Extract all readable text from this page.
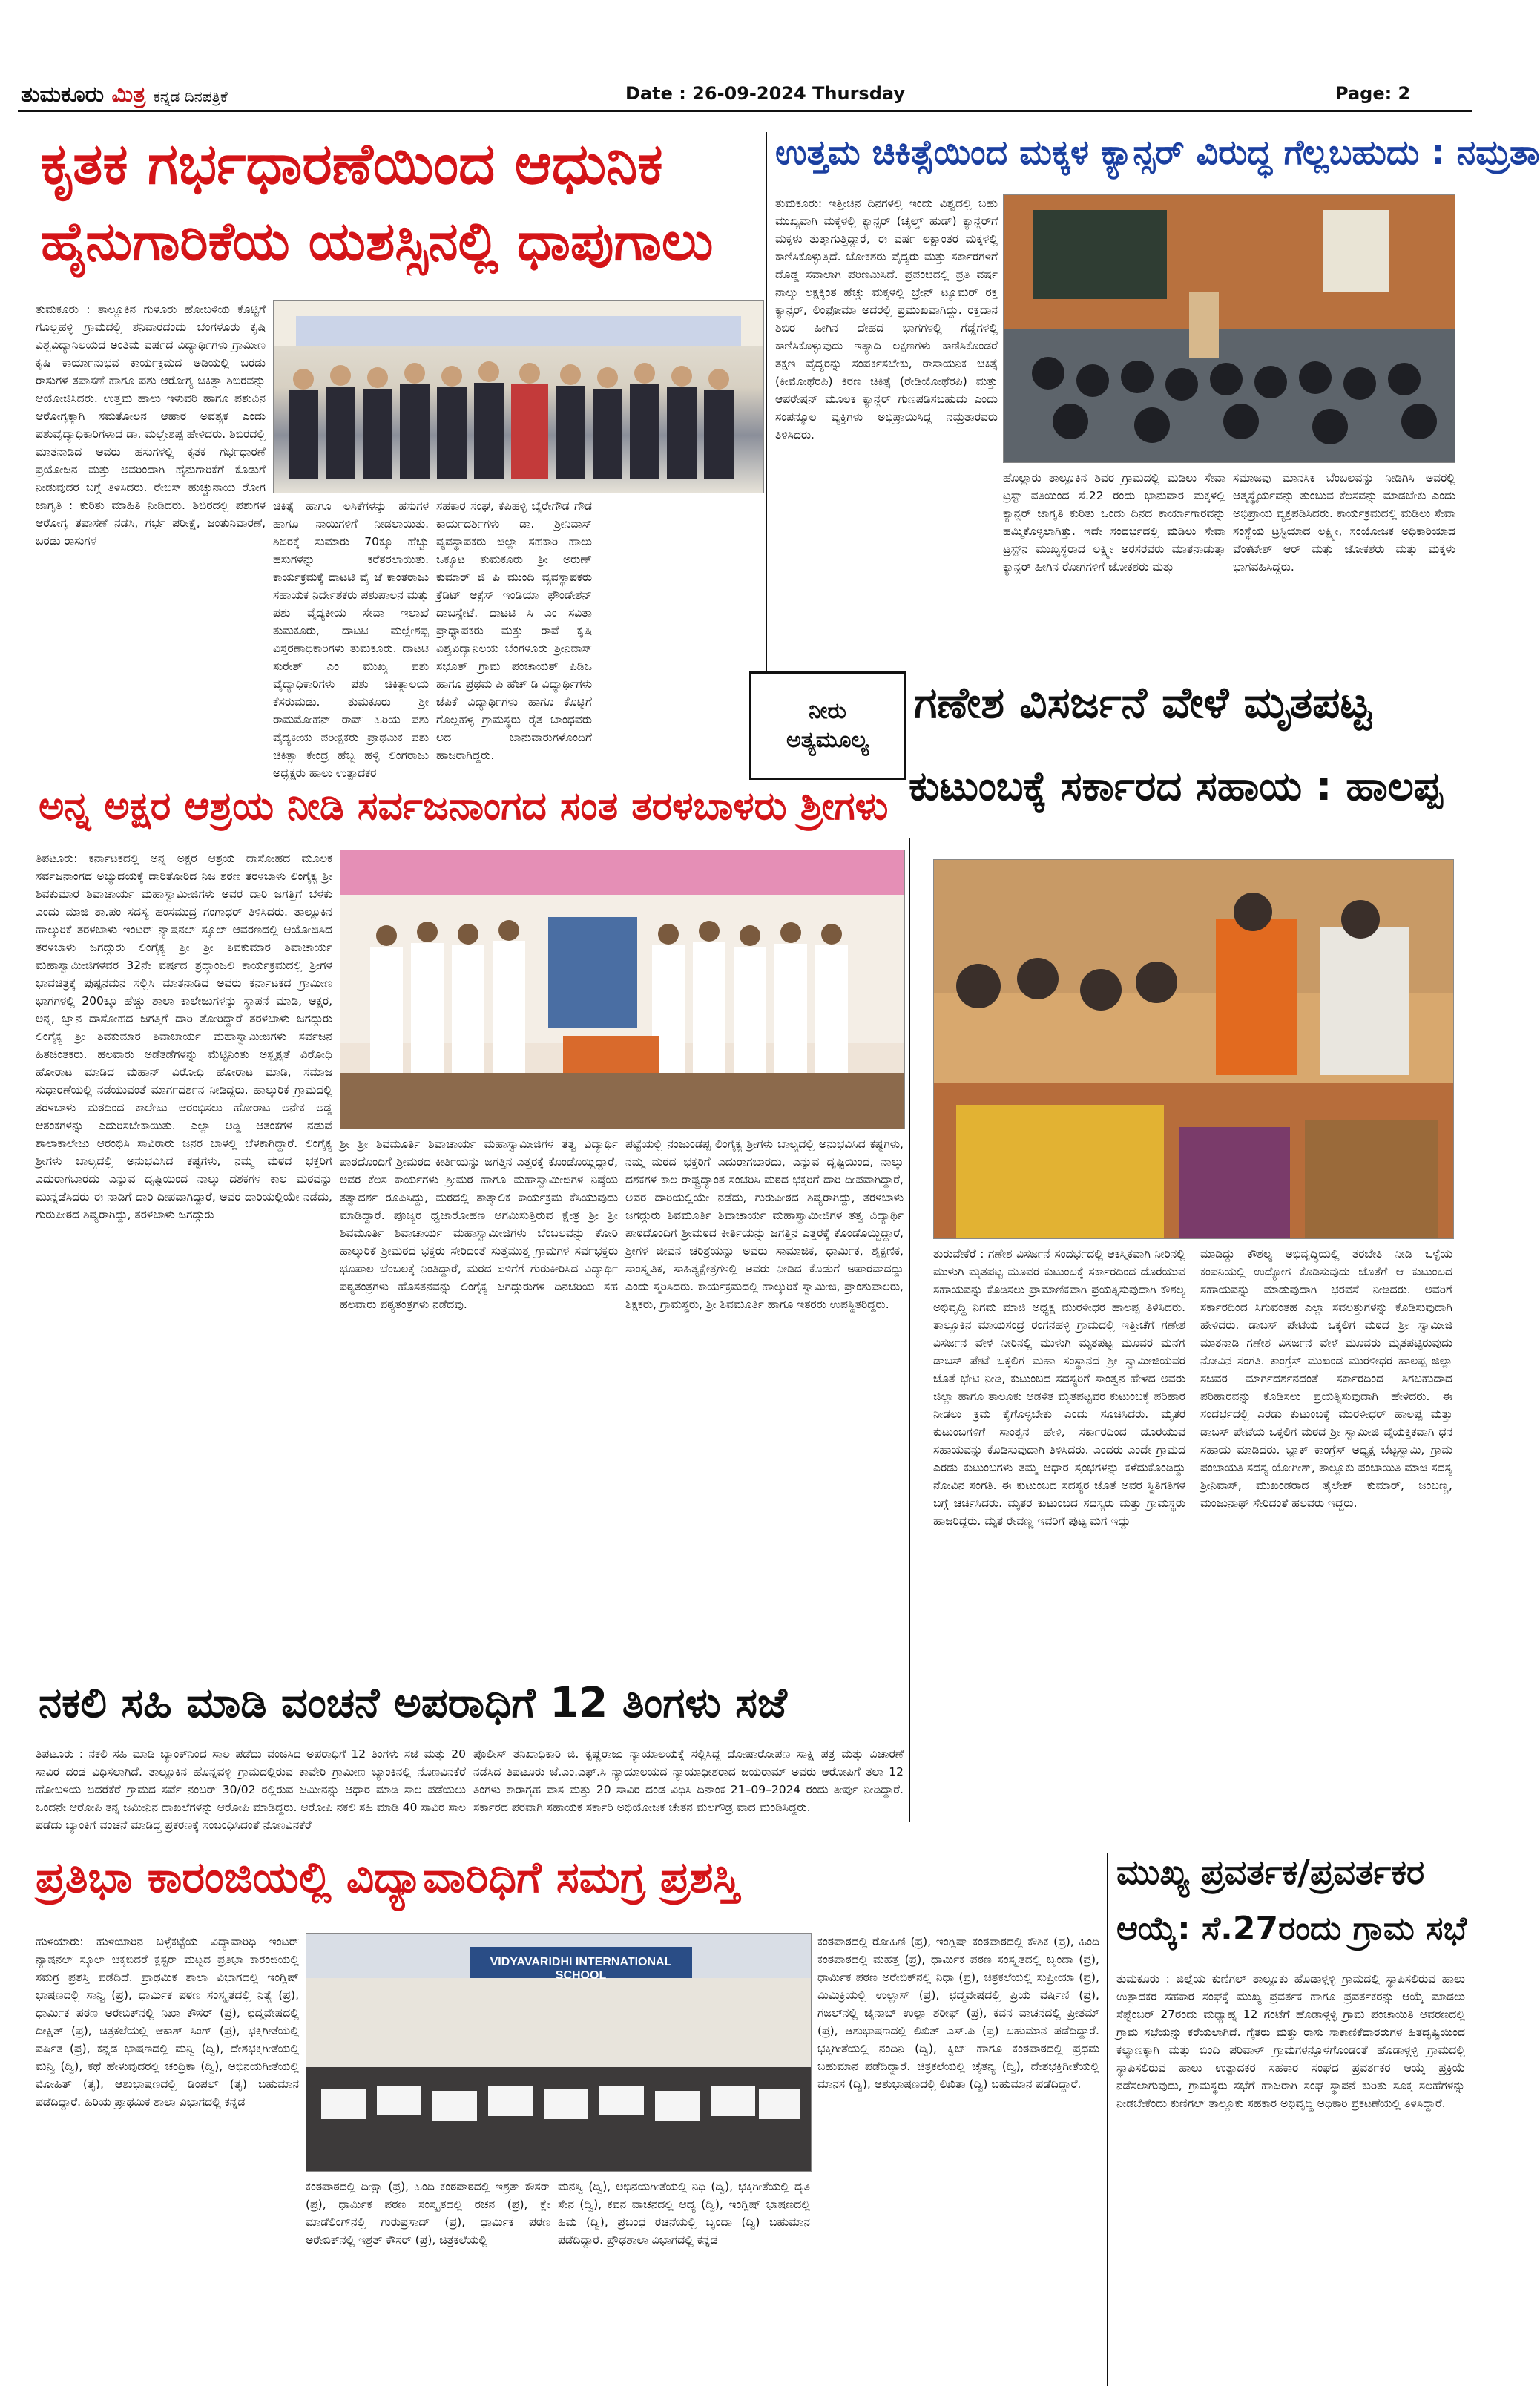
ತುಮಕೂರು ಮಿತ್ರ ಕನ್ನಡ ದಿನಪತ್ರಿಕೆ	Date : 26-09-2024 Thursday	Page: 2
ಕೃತಕ ಗರ್ಭಧಾರಣೆಯಿಂದ ಆಧುನಿಕ
ಹೈನುಗಾರಿಕೆಯ ಯಶಸ್ಸಿನಲ್ಲಿ ಧಾಪುಗಾಲು
ತುಮಕೂರು : ತಾಲ್ಲೂಕಿನ ಗುಳೂರು ಹೋಬಳಿಯ ಕೊಟ್ಟಿಗೆ ಗೊಲ್ಲಹಳ್ಳಿ ಗ್ರಾಮದಲ್ಲಿ ಶನಿವಾರದಂದು ಬೆಂಗಳೂರು ಕೃಷಿ ವಿಶ್ವವಿದ್ಯಾನಿಲಯದ ಅಂತಿಮ ವರ್ಷದ ವಿದ್ಯಾರ್ಥಿಗಳು ಗ್ರಾಮೀಣ ಕೃಷಿ ಕಾರ್ಯಾನುಭವ ಕಾರ್ಯಕ್ರಮದ ಅಡಿಯಲ್ಲಿ ಬರಡು ರಾಸುಗಳ ತಪಾಸಣೆ ಹಾಗೂ ಪಶು ಆರೋಗ್ಯ ಚಿಕಿತ್ಸಾ ಶಿಬಿರವನ್ನು ಆಯೋಜಿಸಿದರು. ಉತ್ತಮ ಹಾಲು ಇಳುವರಿ ಹಾಗೂ ಪಶುವಿನ ಆರೋಗ್ಯಕ್ಕಾಗಿ ಸಮತೋಲನ ಆಹಾರ ಅವಶ್ಯಕ ಎಂದು ಪಶುವೈದ್ಯಾಧಿಕಾರಿಗಳಾದ ಡಾ. ಮಲ್ಲೇಶಪ್ಪ ಹೇಳಿದರು. ಶಿಬಿರದಲ್ಲಿ ಮಾತನಾಡಿದ ಅವರು ಹಸುಗಳಲ್ಲಿ ಕೃತಕ ಗರ್ಭಧಾರಣೆ ಪ್ರಯೋಜನ ಮತ್ತು ಅವರಿಂದಾಗಿ ಹೈನುಗಾರಿಕೆಗೆ ಕೊಡುಗೆ ನೀಡುವುದರ ಬಗ್ಗೆ ತಿಳಿಸಿದರು. ರೇಬಿಸ್ ಹುಚ್ಚುನಾಯಿ ರೋಗ ಜಾಗೃತಿ : ಕುರಿತು ಮಾಹಿತಿ ನೀಡಿದರು. ಶಿಬಿರದಲ್ಲಿ ಪಶುಗಳ ಆರೋಗ್ಯ ತಪಾಸಣೆ ನಡೆಸಿ, ಗರ್ಭ ಪರೀಕ್ಷೆ, ಜಂತುನಿವಾರಣೆ, ಬರಡು ರಾಸುಗಳ
ಚಿಕಿತ್ಸೆ ಹಾಗೂ ಲಸಿಕೆಗಳನ್ನು ಹಸುಗಳ ಹಾಗೂ ನಾಯಿಗಳಿಗೆ ನೀಡಲಾಯಿತು. ಶಿಬಿರಕ್ಕೆ ಸುಮಾರು 70ಕ್ಕೂ ಹೆಚ್ಚು ಹಸುಗಳನ್ನು ಕರೆತರಲಾಯಿತು. ಕಾರ್ಯಕ್ರಮಕ್ಕೆ ದಾಟಟಿ ವೈ ಜೆ ಕಾಂತರಾಜು ಸಹಾಯಕ ನಿರ್ದೇಶಕರು ಪಶುಪಾಲನ ಮತ್ತು ಪಶು ವೈದ್ಯಕೀಯ ಸೇವಾ ಇಲಾಖೆ ತುಮಕೂರು, ದಾಟಟಿ ಮಲ್ಲೇಶಪ್ಪ ವಿಸ್ತರಣಾಧಿಕಾರಿಗಳು ತುಮಕೂರು. ದಾಟಟಿ ಸುರೇಶ್ ಎಂ ಮುಖ್ಯ ಪಶು ವೈದ್ಯಾಧಿಕಾರಿಗಳು ಪಶು ಚಿಕಿತ್ಸಾಲಯ ಕೆಸರುಮಡು. ತುಮಕೂರು ಶ್ರೀ ರಾಮಮೋಹನ್ ರಾವ್ ಹಿರಿಯ ಪಶು ವೈದ್ಯಕೀಯ ಪರೀಕ್ಷಕರು ಪ್ರಾಥಮಿಕ ಪಶು ಚಿಕಿತ್ಸಾ ಕೇಂದ್ರ ಹೆಬ್ಬ ಹಳ್ಳಿ ಲಿಂಗರಾಜು ಅಧ್ಯಕ್ಷರು ಹಾಲು ಉತ್ಪಾದಕರ
ಸಹಕಾರ ಸಂಘ, ಕೆಪಿಹಳ್ಳಿ ಬೈರೇಗೌಡ ಗೌಡ ಕಾರ್ಯದರ್ಶಿಗಳು ಡಾ. ಶ್ರೀನಿವಾಸ್ ವ್ಯವಸ್ಥಾಪಕರು ಜಿಲ್ಲಾ ಸಹಕಾರಿ ಹಾಲು ಒಕ್ಕೂಟ ತುಮಕೂರು ಶ್ರೀ ಅರುಣ್ ಕುಮಾರ್ ಜಿ ಪಿ ಮುಂದಿ ವ್ಯವಸ್ಥಾಪಕರು ಕ್ರೆಡಿಟ್ ಆಕ್ಸೆಸ್ ಇಂಡಿಯಾ ಫೌಂಡೇಶನ್ ದಾಬಸ್ಪೇಟೆ. ದಾಟಟಿ ಸಿ ಎಂ ಸವಿತಾ ಪ್ರಾಧ್ಯಾಪಕರು ಮತ್ತು ರಾವೆ ಕೃಷಿ ವಿಶ್ವವಿದ್ಯಾನಿಲಯ ಬೆಂಗಳೂರು ಶ್ರೀನಿವಾಸ್ ಸಭೂತ್ ಗ್ರಾಮ ಪಂಚಾಯತ್ ಪಿಡಿಒ ಹಾಗೂ ಪ್ರಥಮ ಪಿ ಹೆಚ್ ಡಿ ವಿದ್ಯಾರ್ಥಿಗಳು ಜೆಪಿಕೆ ವಿದ್ಯಾರ್ಥಿಗಳು ಹಾಗೂ ಕೊಟ್ಟಿಗೆ ಗೊಲ್ಲಹಳ್ಳಿ ಗ್ರಾಮಸ್ಥರು ರೈತ ಬಾಂಧವರು ಅದ ಜಾನುವಾರುಗಳೊಂದಿಗೆ ಹಾಜರಾಗಿದ್ದರು.
ಉತ್ತಮ ಚಿಕಿತ್ಸೆಯಿಂದ ಮಕ್ಕಳ ಕ್ಯಾನ್ಸರ್ ವಿರುದ್ಧ ಗೆಲ್ಲಬಹುದು : ನಮ್ರತಾ
ತುಮಕೂರು: ಇತ್ತೀಚಿನ ದಿನಗಳಲ್ಲಿ ಇಂದು ವಿಶ್ವದಲ್ಲಿ ಬಹು ಮುಖ್ಯವಾಗಿ ಮಕ್ಕಳಲ್ಲಿ ಕ್ಯಾನ್ಸರ್ (ಚೈಲ್ಡ್ ಹುಡ್) ಕ್ಯಾನ್ಸರ್‌ಗೆ ಮಕ್ಕಳು ತುತ್ತಾಗುತ್ತಿದ್ದಾರೆ, ಈ ವರ್ಷ ಲಕ್ಷಾಂತರ ಮಕ್ಕಳಲ್ಲಿ ಕಾಣಿಸಿಕೊಳ್ಳುತ್ತಿದೆ. ಜೋಕಶರು ವೈದ್ಯರು ಮತ್ತು ಸರ್ಕಾರಗಳಿಗೆ ದೊಡ್ಡ ಸವಾಲಾಗಿ ಪರಿಣಮಿಸಿದೆ. ಪ್ರಪಂಚದಲ್ಲಿ ಪ್ರತಿ ವರ್ಷ ನಾಲ್ಕು ಲಕ್ಷಕ್ಕಿಂತ ಹೆಚ್ಚು ಮಕ್ಕಳಲ್ಲಿ ಬ್ರೇನ್ ಟ್ಯೂಮರ್ ರಕ್ತ ಕ್ಯಾನ್ಸರ್, ಲಿಂಫೋಮಾ ಅದರಲ್ಲಿ ಪ್ರಮುಖವಾಗಿದ್ದು. ರಕ್ತದಾನ ಶಿಬಿರ ಹೀಗಿನ ದೇಹದ ಭಾಗಗಳಲ್ಲಿ ಗೆಡ್ಡೆಗಳಲ್ಲಿ ಕಾಣಿಸಿಕೊಳ್ಳುವುದು ಇತ್ಯಾದಿ ಲಕ್ಷಣಗಳು ಕಾಣಿಸಿಕೊಂಡರೆ ತಕ್ಷಣ ವೈದ್ಯರನ್ನು ಸಂಪರ್ಕಿಸಬೇಕು, ರಾಸಾಯನಿಕ ಚಿಕಿತ್ಸೆ (ಕೀಮೋಥೆರಪಿ) ಕಿರಣ ಚಿಕಿತ್ಸೆ (ರೇಡಿಯೋಥೆರಪಿ) ಮತ್ತು ಆಪರೇಷನ್ ಮೂಲಕ ಕ್ಯಾನ್ಸರ್ ಗುಣಪಡಿಸಬಹುದು ಎಂದು ಸಂಪನ್ಮೂಲ ವ್ಯಕ್ತಿಗಳು ಅಭಿಪ್ರಾಯಿಸಿದ್ದ ನಮ್ರತಾರವರು ತಿಳಿಸಿದರು.
ಹೊಲ್ಲಾರು ತಾಲ್ಲೂಕಿನ ಶಿವರ ಗ್ರಾಮದಲ್ಲಿ ಮಡಿಲು ಸೇವಾ ಟ್ರಸ್ಟ್ ವತಿಯಿಂದ ಸೆ.22 ರಂದು ಭಾನುವಾರ ಮಕ್ಕಳಲ್ಲಿ ಕ್ಯಾನ್ಸರ್ ಜಾಗೃತಿ ಕುರಿತು ಒಂದು ದಿನದ ಕಾರ್ಯಾಗಾರವನ್ನು ಹಮ್ಮಿಕೊಳ್ಳಲಾಗಿತ್ತು. ಇದೇ ಸಂದರ್ಭದಲ್ಲಿ ಮಡಿಲು ಸೇವಾ ಟ್ರಸ್ಟ್‌ನ ಮುಖ್ಯಸ್ಥರಾದ ಲಕ್ಷ್ಮೀ ಅರಸರವರು ಮಾತನಾಡುತ್ತಾ ಕ್ಯಾನ್ಸರ್ ಹೀಗಿನ ರೋಗಗಳಿಗೆ ಜೋಕಶರು ಮತ್ತು
ಸಮಾಜವು ಮಾನಸಿಕ ಬೆಂಬಲವನ್ನು ನೀಡಿಗಿಸಿ ಅವರಲ್ಲಿ ಆತ್ಮಸ್ಥೈರ್ಯವನ್ನು ತುಂಬುವ ಕೆಲಸವನ್ನು ಮಾಡಬೇಕು ಎಂದು ಅಭಿಪ್ರಾಯ ವ್ಯಕ್ತಪಡಿಸಿದರು. ಕಾರ್ಯಕ್ರಮದಲ್ಲಿ ಮಡಿಲು ಸೇವಾ ಸಂಸ್ಥೆಯ ಟ್ರಸ್ಟಿಯಾದ ಲಕ್ಷ್ಮೀ, ಸಂಯೋಜಕ ಅಧಿಕಾರಿಯಾದ ವೆಂಕಟೇಶ್ ಆರ್ ಮತ್ತು ಜೋಕಶರು ಮತ್ತು ಮಕ್ಕಳು ಭಾಗವಹಿಸಿದ್ದರು.
ನೀರು
ಅತ್ಯಮೂಲ್ಯ
ಗಣೇಶ ವಿಸರ್ಜನೆ ವೇಳೆ ಮೃತಪಟ್ಟ
ಕುಟುಂಬಕ್ಕೆ ಸರ್ಕಾರದ ಸಹಾಯ : ಹಾಲಪ್ಪ
ಅನ್ನ ಅಕ್ಷರ ಆಶ್ರಯ ನೀಡಿ ಸರ್ವಜನಾಂಗದ ಸಂತ ತರಳಬಾಳರು ಶ್ರೀಗಳು
ತಿಪಟೂರು: ಕರ್ನಾಟಕದಲ್ಲಿ ಅನ್ನ ಅಕ್ಷರ ಆಶ್ರಯ ದಾಸೋಹದ ಮೂಲಕ ಸರ್ವಜನಾಂಗದ ಅಭ್ಯುದಯಕ್ಕೆ ದಾರಿತೋರಿದ ನಿಜ ಶರಣ ತರಳಬಾಳು ಲಿಂಗೈಕ್ಯ ಶ್ರೀ ಶಿವಕುಮಾರ ಶಿವಾಚಾರ್ಯ ಮಹಾಸ್ವಾಮೀಜಿಗಳು ಅವರ ದಾರಿ ಜಗತ್ತಿಗೆ ಬೆಳಕು ಎಂದು ಮಾಜಿ ತಾ.ಪಂ ಸದಸ್ಯ ಹಂಸಮುದ್ರ ಗಂಗಾಧರ್ ತಿಳಿಸಿದರು. ತಾಲ್ಲೂಕಿನ ಹಾಲ್ಕುರಿಕೆ ತರಳಬಾಳು ಇಂಟರ್ ನ್ಯಾಷನಲ್ ಸ್ಕೂಲ್ ಆವರಣದಲ್ಲಿ ಆಯೋಜಿಸಿದ ತರಳಬಾಳು ಜಗದ್ಗುರು ಲಿಂಗೈಕ್ಯ ಶ್ರೀ ಶ್ರೀ ಶಿವಕುಮಾರ ಶಿವಾಚಾರ್ಯ ಮಹಾಸ್ವಾಮೀಜಿಗಳವರ 32ನೇ ವರ್ಷದ ಶ್ರದ್ಧಾಂಜಲಿ ಕಾರ್ಯಕ್ರಮದಲ್ಲಿ ಶ್ರೀಗಳ ಭಾವಚಿತ್ರಕ್ಕೆ ಪುಷ್ಪನಮನ ಸಲ್ಲಿಸಿ ಮಾತನಾಡಿದ ಅವರು ಕರ್ನಾಟಕದ ಗ್ರಾಮೀಣ ಭಾಗಗಳಲ್ಲಿ 200ಕ್ಕೂ ಹೆಚ್ಚು ಶಾಲಾ ಕಾಲೇಜುಗಳನ್ನು ಸ್ಥಾಪನೆ ಮಾಡಿ, ಅಕ್ಷರ, ಅನ್ನ, ಜ್ಞಾನ ದಾಸೋಹದ ಜಗತ್ತಿಗೆ ದಾರಿ ತೋರಿದ್ದಾರೆ ತರಳಬಾಳು ಜಗದ್ಗುರು ಲಿಂಗೈಕ್ಯ ಶ್ರೀ ಶಿವಕುಮಾರ ಶಿವಾಚಾರ್ಯ ಮಹಾಸ್ವಾಮೀಜಿಗಳು ಸರ್ವಜನ ಹಿತಚಿಂತಕರು. ಹಲವಾರು ಅಡೆತಡೆಗಳನ್ನು ಮೆಟ್ಟಿನಿಂತು ಅಸ್ಪೃಶ್ಯತೆ ವಿರೋಧಿ ಹೋರಾಟ ಮಾಡಿದ ಮಹಾನ್ ವಿರೋಧಿ ಹೋರಾಟ ಮಾಡಿ, ಸಮಾಜ ಸುಧಾರಣೆಯಲ್ಲಿ ನಡೆಯುವಂತೆ ಮಾರ್ಗದರ್ಶನ ನೀಡಿದ್ದರು. ಹಾಲ್ಕುರಿಕೆ ಗ್ರಾಮದಲ್ಲಿ ತರಳಬಾಳು ಮಠದಿಂದ ಕಾಲೇಜು ಆರಂಭಿಸಲು ಹೋರಾಟ ಅನೇಕ ಅಡ್ಡ ಆತಂಕಗಳನ್ನು ಎದುರಿಸಬೇಕಾಯಿತು. ಎಲ್ಲಾ ಅಡ್ಡಿ ಆತಂಕಗಳ ನಡುವೆ ಶಾಲಾಕಾಲೇಜು ಆರಂಭಿಸಿ ಸಾವಿರಾರು ಜನರ ಬಾಳಲ್ಲಿ ಬೆಳಕಾಗಿದ್ದಾರೆ. ಲಿಂಗೈಕ್ಯ ಶ್ರೀಗಳು ಬಾಲ್ಯದಲ್ಲಿ ಅನುಭವಿಸಿದ ಕಷ್ಟಗಳು, ನಮ್ಮ ಮಠದ ಭಕ್ತರಿಗೆ ಎದುರಾಗಬಾರದು ಎನ್ನುವ ದೃಷ್ಟಿಯಿಂದ ನಾಲ್ಕು ದಶಕಗಳ ಕಾಲ ಮಠವನ್ನು ಮುನ್ನಡೆಸಿದರು ಈ ನಾಡಿಗೆ ದಾರಿ ದೀಪವಾಗಿದ್ದಾರೆ, ಅವರ ದಾರಿಯಲ್ಲಿಯೇ ನಡೆದು, ಗುರುಪೀಠದ ಶಿಷ್ಯರಾಗಿದ್ದು, ತರಳಬಾಳು ಜಗದ್ಗುರು
ಶ್ರೀ ಶ್ರೀ ಶಿವಮೂರ್ತಿ ಶಿವಾಚಾರ್ಯ ಮಹಾಸ್ವಾಮೀಜಿಗಳ ತತ್ವ ವಿದ್ಯಾರ್ಥಿ ಪಾಠದೊಂದಿಗೆ ಶ್ರೀಮಠದ ಕೀರ್ತಿಯನ್ನು ಜಗತ್ತಿನ ಎತ್ತರಕ್ಕೆ ಕೊಂಡೊಯ್ದಿದ್ದಾರೆ, ಅವರ ಕೆಲಸ ಕಾರ್ಯಗಳು ಶ್ರೀಮಠ ಹಾಗೂ ಮಹಾಸ್ವಾಮೀಜಿಗಳ ನಿಷ್ಠೆಯ ತತ್ವಾದರ್ಶ ರೂಪಿಸಿದ್ದು, ಮಠದಲ್ಲಿ ತಾತ್ಕಾಲಿಕ ಕಾರ್ಯಕ್ರಮ ಕೆಸಿಯುವುದು ಮಾಡಿದ್ದಾರೆ. ಪೂಜ್ಯರ ಧ್ವಜಾರೋಹಣ ಆಗಮಿಸುತ್ತಿರುವ ಕ್ಷೇತ್ರ ಶ್ರೀ ಶ್ರೀ ಶಿವಮೂರ್ತಿ ಶಿವಾಚಾರ್ಯ ಮಹಾಸ್ವಾಮೀಜಿಗಳು ಬೆಂಬಲವನ್ನು ಕೋರಿ ಹಾಲ್ಕುರಿಕೆ ಶ್ರೀಮಠದ ಭಕ್ತರು ಸೇರಿದಂತೆ ಸುತ್ತಮುತ್ತ ಗ್ರಾಮಗಳ ಸರ್ವಭಕ್ತರು ಭೂಪಾಲ ಬೆಂಬಲಕ್ಕೆ ನಿಂತಿದ್ದಾರೆ, ಮಠದ ಏಳಿಗೆಗೆ ಗುರುಕೀರಿಸಿದ ವಿದ್ಯಾರ್ಥಿ ಪಠ್ಯತಂತ್ರಗಳು ಹೊಸತನವನ್ನು ಲಿಂಗೈಕ್ಯ ಜಗದ್ಗುರುಗಳ ದಿನಚರಿಯ ಸಹ ಹಲವಾರು ಪಠ್ಯತಂತ್ರಗಳು ನಡೆದವು.
ಪಟ್ಟೆಯಲ್ಲಿ ನಂಜುಂಡಪ್ಪ ಲಿಂಗೈಕ್ಯ ಶ್ರೀಗಳು ಬಾಲ್ಯದಲ್ಲಿ ಅನುಭವಿಸಿದ ಕಷ್ಟಗಳು, ನಮ್ಮ ಮಠದ ಭಕ್ತರಿಗೆ ಎದುರಾಗಬಾರದು, ಎನ್ನುವ ದೃಷ್ಟಿಯಿಂದ, ನಾಲ್ಕು ದಶಕಗಳ ಕಾಲ ರಾಷ್ಟ್ರದ್ಯಾಂತ ಸಂಚರಿಸಿ ಮಠದ ಭಕ್ತರಿಗೆ ದಾರಿ ದೀಪವಾಗಿದ್ದಾರೆ, ಅವರ ದಾರಿಯಲ್ಲಿಯೇ ನಡೆದು, ಗುರುಪೀಠದ ಶಿಷ್ಯರಾಗಿದ್ದು, ತರಳಬಾಳು ಜಗದ್ಗುರು ಶಿವಮೂರ್ತಿ ಶಿವಾಚಾರ್ಯ ಮಹಾಸ್ವಾಮೀಜಿಗಳ ತತ್ವ ವಿದ್ಯಾರ್ಥಿ ಪಾಠದೊಂದಿಗೆ ಶ್ರೀಮಠದ ಕೀರ್ತಿಯನ್ನು ಜಗತ್ತಿನ ಎತ್ತರಕ್ಕೆ ಕೊಂಡೊಯ್ದಿದ್ದಾರೆ, ಶ್ರೀಗಳ ಜೀವನ ಚರಿತ್ರೆಯನ್ನು ಅವರು ಸಾಮಾಜಿಕ, ಧಾರ್ಮಿಕ, ಶೈಕ್ಷಣಿಕ, ಸಾಂಸ್ಕೃತಿಕ, ಸಾಹಿತ್ಯಕ್ಷೇತ್ರಗಳಲ್ಲಿ ಅವರು ನೀಡಿದ ಕೊಡುಗೆ ಅಪಾರವಾದದ್ದು ಎಂದು ಸ್ಮರಿಸಿದರು. ಕಾರ್ಯಕ್ರಮದಲ್ಲಿ ಹಾಲ್ಕುರಿಕೆ ಸ್ವಾಮೀಜಿ, ಪ್ರಾಂಶುಪಾಲರು, ಶಿಕ್ಷಕರು, ಗ್ರಾಮಸ್ಥರು, ಶ್ರೀ ಶಿವಮೂರ್ತಿ ಹಾಗೂ ಇತರರು ಉಪಸ್ಥಿತರಿದ್ದರು.
ತುರುವೇಕೆರೆ : ಗಣೇಶ ವಿಸರ್ಜನೆ ಸಂದರ್ಭದಲ್ಲಿ ಆಕಸ್ಮಿಕವಾಗಿ ನೀರಿನಲ್ಲಿ ಮುಳುಗಿ ಮೃತಪಟ್ಟ ಮೂವರ ಕುಟುಂಬಕ್ಕೆ ಸರ್ಕಾರದಿಂದ ದೊರೆಯುವ ಸಹಾಯವನ್ನು ಕೊಡಿಸಲು ಪ್ರಾಮಾಣಿಕವಾಗಿ ಪ್ರಯತ್ನಿಸುವುದಾಗಿ ಕೌಶಲ್ಯ ಅಭಿವೃದ್ಧಿ ನಿಗಮ ಮಾಜಿ ಅಧ್ಯಕ್ಷ ಮುರಳೀಧರ ಹಾಲಪ್ಪ ತಿಳಿಸಿದರು. ತಾಲ್ಲೂಕಿನ ಮಾಯಸಂದ್ರ ರಂಗನಹಳ್ಳಿ ಗ್ರಾಮದಲ್ಲಿ ಇತ್ತೀಚೆಗೆ ಗಣೇಶ ವಿಸರ್ಜನೆ ವೇಳೆ ನೀರಿನಲ್ಲಿ ಮುಳುಗಿ ಮೃತಪಟ್ಟ ಮೂವರ ಮನೆಗೆ ಡಾಬಸ್ ಪೇಟೆ ಒಕ್ಕಲಿಗ ಮಹಾ ಸಂಸ್ಥಾನದ ಶ್ರೀ ಸ್ವಾಮೀಜಿಯವರ ಜೊತೆ ಭೇಟಿ ನೀಡಿ, ಕುಟುಂಬದ ಸದಸ್ಯರಿಗೆ ಸಾಂತ್ವನ ಹೇಳಿದ ಅವರು ಜಿಲ್ಲಾ ಹಾಗೂ ತಾಲೂಕು ಆಡಳಿತ ಮೃತಪಟ್ಟವರ ಕುಟುಂಬಕ್ಕೆ ಪರಿಹಾರ ನೀಡಲು ಕ್ರಮ ಕೈಗೊಳ್ಳಬೇಕು ಎಂದು ಸೂಚಿಸಿದರು. ಮೃತರ ಕುಟುಂಬಗಳಿಗೆ ಸಾಂತ್ವನ ಹೇಳಿ, ಸರ್ಕಾರದಿಂದ ದೊರೆಯುವ ಸಹಾಯವನ್ನು ಕೊಡಿಸುವುದಾಗಿ ತಿಳಿಸಿದರು. ಎಂದರು ಎಂದೇ ಗ್ರಾಮದ ಎರಡು ಕುಟುಂಬಗಳು ತಮ್ಮ ಆಧಾರ ಸ್ತಂಭಗಳನ್ನು ಕಳೆದುಕೊಂಡಿದ್ದು ನೋವಿನ ಸಂಗತಿ. ಈ ಕುಟುಂಬದ ಸದಸ್ಯರ ಜೊತೆ ಅವರ ಸ್ಥಿತಿಗತಿಗಳ ಬಗ್ಗೆ ಚರ್ಚಿಸಿದರು. ಮೃತರ ಕುಟುಂಬದ ಸದಸ್ಯರು ಮತ್ತು ಗ್ರಾಮಸ್ಥರು ಹಾಜರಿದ್ದರು. ಮೃತ ರೇವಣ್ಣ ಇವರಿಗೆ ಪುಟ್ಟ ಮಗ ಇದ್ದು
ಮಾಡಿದ್ದು ಕೌಶಲ್ಯ ಅಭಿವೃದ್ಧಿಯಲ್ಲಿ ತರಬೇತಿ ನೀಡಿ ಒಳ್ಳೆಯ ಕಂಪನಿಯಲ್ಲಿ ಉದ್ಯೋಗ ಕೊಡಿಸುವುದು ಜೊತೆಗೆ ಆ ಕುಟುಂಬದ ಸಹಾಯವನ್ನು ಮಾಡುವುದಾಗಿ ಭರವಸೆ ನೀಡಿದರು. ಅವರಿಗೆ ಸರ್ಕಾರದಿಂದ ಸಿಗುವಂತಹ ಎಲ್ಲಾ ಸವಲತ್ತುಗಳನ್ನು ಕೊಡಿಸುವುದಾಗಿ ಹೇಳಿದರು. ಡಾಬಸ್ ಪೇಟೆಯ ಒಕ್ಕಲಿಗ ಮಠದ ಶ್ರೀ ಸ್ವಾಮೀಜಿ ಮಾತನಾಡಿ ಗಣೇಶ ವಿಸರ್ಜನೆ ವೇಳೆ ಮೂವರು ಮೃತಪಟ್ಟಿರುವುದು ನೋವಿನ ಸಂಗತಿ. ಕಾಂಗ್ರೆಸ್ ಮುಖಂಡ ಮುರಳೀಧರ ಹಾಲಪ್ಪ ಜಿಲ್ಲಾ ಸಚಿವರ ಮಾರ್ಗದರ್ಶನದಂತೆ ಸರ್ಕಾರದಿಂದ ಸಿಗಬಹುದಾದ ಪರಿಹಾರವನ್ನು ಕೊಡಿಸಲು ಪ್ರಯತ್ನಿಸುವುದಾಗಿ ಹೇಳಿದರು. ಈ ಸಂದರ್ಭದಲ್ಲಿ ಎರಡು ಕುಟುಂಬಕ್ಕೆ ಮುರಳೀಧರ್ ಹಾಲಪ್ಪ ಮತ್ತು ಡಾಬಸ್ ಪೇಟೆಯ ಒಕ್ಕಲಿಗ ಮಠದ ಶ್ರೀ ಸ್ವಾಮೀಜಿ ವೈಯಕ್ತಿಕವಾಗಿ ಧನ ಸಹಾಯ ಮಾಡಿದರು. ಬ್ಲಾಕ್ ಕಾಂಗ್ರೆಸ್ ಅಧ್ಯಕ್ಷ ಬೆಟ್ಟಸ್ವಾಮಿ, ಗ್ರಾಮ ಪಂಚಾಯತಿ ಸದಸ್ಯ ಯೋಗೀಶ್, ತಾಲ್ಲೂಕು ಪಂಚಾಯಿತಿ ಮಾಜಿ ಸದಸ್ಯ ಶ್ರೀನಿವಾಸ್, ಮುಖಂಡರಾದ ತೈಲೇಶ್ ಕುಮಾರ್, ಜಂಬಣ್ಣ, ಮಂಜುನಾಥ್ ಸೇರಿದಂತೆ ಹಲವರು ಇದ್ದರು.
ನಕಲಿ ಸಹಿ ಮಾಡಿ ವಂಚನೆ ಅಪರಾಧಿಗೆ 12 ತಿಂಗಳು ಸಜೆ
ತಿಪಟೂರು : ನಕಲಿ ಸಹಿ ಮಾಡಿ ಬ್ಯಾಂಕ್‌ನಿಂದ ಸಾಲ ಪಡೆದು ವಂಚಿಸಿದ ಅಪರಾಧಿಗೆ 12 ತಿಂಗಳು ಸಜೆ ಮತ್ತು 20 ಸಾವಿರ ದಂಡ ವಿಧಿಸಲಾಗಿದೆ. ತಾಲ್ಲೂಕಿನ ಹೊನ್ನವಳ್ಳಿ ಗ್ರಾಮದಲ್ಲಿರುವ ಕಾವೇರಿ ಗ್ರಾಮೀಣ ಬ್ಯಾಂಕಿನಲ್ಲಿ ನೊಣವಿನಕೆರೆ ಹೋಬಳಿಯ ಬಿದರೆಕೆರೆ ಗ್ರಾಮದ ಸರ್ವೆ ನಂಬರ್ 30/02 ರಲ್ಲಿರುವ ಜಮೀನನ್ನು ಆಧಾರ ಮಾಡಿ ಸಾಲ ಪಡೆಯಲು ಒಂದನೇ ಆರೋಪಿ ತನ್ನ ಜಮೀನಿನ ದಾಖಲೆಗಳನ್ನು ಆರೋಪಿ ಮಾಡಿದ್ದರು. ಆರೋಪಿ ನಕಲಿ ಸಹಿ ಮಾಡಿ 40 ಸಾವಿರ ಸಾಲ ಪಡೆದು ಬ್ಯಾಂಕಿಗೆ ವಂಚನೆ ಮಾಡಿದ್ದ ಪ್ರಕರಣಕ್ಕೆ ಸಂಬಂಧಿಸಿದಂತೆ ನೊಣವಿನಕೆರೆ
ಪೊಲೀಸ್ ತನಿಖಾಧಿಕಾರಿ ಜಿ. ಕೃಷ್ಣರಾಜು ನ್ಯಾಯಾಲಯಕ್ಕೆ ಸಲ್ಲಿಸಿದ್ದ ದೋಷಾರೋಪಣ ಸಾಕ್ಷಿ ಪತ್ರ ಮತ್ತು ವಿಚಾರಣೆ ನಡೆಸಿದ ತಿಪಟೂರು ಜೆ.ಎಂ.ಎಫ್.ಸಿ ನ್ಯಾಯಾಲಯದ ನ್ಯಾಯಾಧೀಶರಾದ ಜಯರಾಮ್ ಅವರು ಆರೋಪಿಗೆ ತಲಾ 12 ತಿಂಗಳು ಕಾರಾಗೃಹ ವಾಸ ಮತ್ತು 20 ಸಾವಿರ ದಂಡ ವಿಧಿಸಿ ದಿನಾಂಕ 21–09–2024 ರಂದು ತೀರ್ಪು ನೀಡಿದ್ದಾರೆ. ಸರ್ಕಾರದ ಪರವಾಗಿ ಸಹಾಯಕ ಸರ್ಕಾರಿ ಅಭಿಯೋಜಕ ಚೇತನ ಮಲಗೌಡ್ರ ವಾದ ಮಂಡಿಸಿದ್ದರು.
ಪ್ರತಿಭಾ ಕಾರಂಜಿಯಲ್ಲಿ ವಿದ್ಯಾವಾರಿಧಿಗೆ ಸಮಗ್ರ ಪ್ರಶಸ್ತಿ
ಹುಳಿಯಾರು: ಹುಳಿಯಾರಿನ ಬಳ್ಳೆಕಟ್ಟೆಯ ವಿದ್ಯಾವಾರಿಧಿ ಇಂಟರ್ ನ್ಯಾಷನಲ್ ಸ್ಕೂಲ್ ಚಿಕ್ಕಬಿದರೆ ಕ್ಲಸ್ಟರ್ ಮಟ್ಟದ ಪ್ರತಿಭಾ ಕಾರಂಜಿಯಲ್ಲಿ ಸಮಗ್ರ ಪ್ರಶಸ್ತಿ ಪಡೆದಿದೆ. ಪ್ರಾಥಮಿಕ ಶಾಲಾ ವಿಭಾಗದಲ್ಲಿ ಇಂಗ್ಲಿಷ್ ಭಾಷಣದಲ್ಲಿ ಸಾನ್ವಿ (ಪ್ರ), ಧಾರ್ಮಿಕ ಪಠಣ ಸಂಸ್ಕೃತದಲ್ಲಿ ನಿತ್ಯೆ (ಪ್ರ), ಧಾರ್ಮಿಕ ಪಠಣ ಅರೇಬಿಕ್‌ನಲ್ಲಿ ನಿಖಾ ಕೌಸರ್ (ಪ್ರ), ಛದ್ಮವೇಷದಲ್ಲಿ ದೀಕ್ಷಿತ್ (ಪ್ರ), ಚಿತ್ರಕಲೆಯಲ್ಲಿ ಆಕಾಶ್ ಸಿಂಗ್ (ಪ್ರ), ಭಕ್ತಿಗೀತೆಯಲ್ಲಿ ವರ್ಷಿತ (ಪ್ರ), ಕನ್ನಡ ಭಾಷಣದಲ್ಲಿ ಮನ್ವಿ (ದ್ವಿ), ದೇಶಭಕ್ತಿಗೀತೆಯಲ್ಲಿ ಮನ್ವಿ (ದ್ವಿ), ಕಥೆ ಹೇಳುವುದರಲ್ಲಿ ಚಂದ್ರಿಕಾ (ದ್ವಿ), ಅಭಿನಯಗೀತೆಯಲ್ಲಿ ಮೋಹಿತ್ (ತೃ), ಆಶುಭಾಷಣದಲ್ಲಿ ಡಿಂಪಲ್ (ತೃ) ಬಹುಮಾನ ಪಡೆದಿದ್ದಾರೆ. ಹಿರಿಯ ಪ್ರಾಥಮಿಕ ಶಾಲಾ ವಿಭಾಗದಲ್ಲಿ ಕನ್ನಡ
VIDYAVARIDHI INTERNATIONAL SCHOOL
ಕಂಠಪಾಠದಲ್ಲಿ ದೀಕ್ಷಾ (ಪ್ರ), ಹಿಂದಿ ಕಂಠಪಾಠದಲ್ಲಿ ಇಶ್ರತ್ ಕೌಸರ್ (ಪ್ರ), ಧಾರ್ಮಿಕ ಪಠಣ ಸಂಸ್ಕೃತದಲ್ಲಿ ರಚನ (ಪ್ರ), ಕ್ಲೇ ಮಾಡೆಲಿಂಗ್‌ನಲ್ಲಿ ಗುರುಪ್ರಸಾದ್ (ಪ್ರ), ಧಾರ್ಮಿಕ ಪಠಣ ಅರೇಬಿಕ್‌ನಲ್ಲಿ ಇಶ್ರತ್ ಕೌಸರ್ (ಪ್ರ), ಚಿತ್ರಕಲೆಯಲ್ಲಿ
ಮನಸ್ವಿ (ದ್ವಿ), ಅಭಿನಯಗೀತೆಯಲ್ಲಿ ನಿಧಿ (ದ್ವಿ), ಭಕ್ತಿಗೀತೆಯಲ್ಲಿ ದೃತಿ ಸೇನ (ದ್ವಿ), ಕವನ ವಾಚನದಲ್ಲಿ ಆದ್ಯ (ದ್ವಿ), ಇಂಗ್ಲಿಷ್ ಭಾಷಣದಲ್ಲಿ ಹಿಮ (ದ್ವಿ), ಪ್ರಬಂಧ ರಚನೆಯಲ್ಲಿ ಬೃಂದಾ (ದ್ವಿ) ಬಹುಮಾನ ಪಡೆದಿದ್ದಾರೆ. ಪ್ರೌಢಶಾಲಾ ವಿಭಾಗದಲ್ಲಿ ಕನ್ನಡ
ಕಂಠಪಾಠದಲ್ಲಿ ರೋಹಿಣಿ (ಪ್ರ), ಇಂಗ್ಲಿಷ್ ಕಂಠಪಾಠದಲ್ಲಿ ಕೌಶಿಕ (ಪ್ರ), ಹಿಂದಿ ಕಂಠಪಾಠದಲ್ಲಿ ಮಹತ್ತ (ಪ್ರ), ಧಾರ್ಮಿಕ ಪಠಣ ಸಂಸ್ಕೃತದಲ್ಲಿ ಬೃಂದಾ (ಪ್ರ), ಧಾರ್ಮಿಕ ಪಠಣ ಅರೇಬಿಕ್‌ನಲ್ಲಿ ನಿಧಾ (ಪ್ರ), ಚಿತ್ರಕಲೆಯಲ್ಲಿ ಸುಪ್ರೀಯಾ (ಪ್ರ), ಮಿಮಿಕ್ರಿಯಲ್ಲಿ ಉಲ್ಲಾಸ್ (ಪ್ರ), ಛದ್ಮವೇಷದಲ್ಲಿ ಪ್ರಿಯ ವರ್ಷಿಣಿ (ಪ್ರ), ಗಜಲ್‌ನಲ್ಲಿ ಜೈನಾಬ್ ಉಲ್ಲಾ ಶರೀಫ್ (ಪ್ರ), ಕವನ ವಾಚನದಲ್ಲಿ ಪ್ರೀತಮ್ (ಪ್ರ), ಆಶುಭಾಷಣದಲ್ಲಿ ಲಿಖಿತ್ ಎಸ್.ಪಿ (ಪ್ರ) ಬಹುಮಾನ ಪಡೆದಿದ್ದಾರೆ. ಭಕ್ತಿಗೀತೆಯಲ್ಲಿ ನಂದಿನಿ (ದ್ವಿ), ಕ್ವಿಜ್ ಹಾಗೂ ಕಂಠಪಾಠದಲ್ಲಿ ಪ್ರಥಮ ಬಹುಮಾನ ಪಡೆದಿದ್ದಾರೆ. ಚಿತ್ರಕಲೆಯಲ್ಲಿ ಚೈತನ್ಯ (ದ್ವಿ), ದೇಶಭಕ್ತಿಗೀತೆಯಲ್ಲಿ ಮಾನಸ (ದ್ವಿ), ಆಶುಭಾಷಣದಲ್ಲಿ ಲಿಖಿತಾ (ದ್ವಿ) ಬಹುಮಾನ ಪಡೆದಿದ್ದಾರೆ.
ಮುಖ್ಯ ಪ್ರವರ್ತಕ/ಪ್ರವರ್ತಕರ
ಆಯ್ಕೆ: ಸೆ.27ರಂದು ಗ್ರಾಮ ಸಭೆ
ತುಮಕೂರು : ಜಿಲ್ಲೆಯ ಕುಣಿಗಲ್ ತಾಲ್ಲೂಕು ಹೊಡಾಳ್ಗಳ್ಳಿ ಗ್ರಾಮದಲ್ಲಿ ಸ್ಥಾಪಿಸಲಿರುವ ಹಾಲು ಉತ್ಪಾದಕರ ಸಹಕಾರ ಸಂಘಕ್ಕೆ ಮುಖ್ಯ ಪ್ರವರ್ತಕ ಹಾಗೂ ಪ್ರವರ್ತಕರನ್ನು ಆಯ್ಕೆ ಮಾಡಲು ಸೆಪ್ಟೆಂಬರ್ 27ರಂದು ಮಧ್ಯಾಹ್ನ 12 ಗಂಟೆಗೆ ಹೊಡಾಳ್ಗಳ್ಳಿ ಗ್ರಾಮ ಪಂಚಾಯಿತಿ ಆವರಣದಲ್ಲಿ ಗ್ರಾಮ ಸಭೆಯನ್ನು ಕರೆಯಲಾಗಿದೆ. ಗೈತರು ಮತ್ತು ರಾಸು ಸಾಕಾಣಿಕೆದಾರರುಗಳ ಹಿತದೃಷ್ಟಿಯಿಂದ ಕಲ್ಯಾಣಕ್ಕಾಗಿ ಮತ್ತು ಬಿಂದಿ ಪರಿವಾಳ್ ಗ್ರಾಮಗಳನ್ನೊಳಗೊಂಡಂತೆ ಹೊಡಾಳ್ಗಳ್ಳಿ ಗ್ರಾಮದಲ್ಲಿ ಸ್ಥಾಪಿಸಲಿರುವ ಹಾಲು ಉತ್ಪಾದಕರ ಸಹಕಾರ ಸಂಘದ ಪ್ರವರ್ತಕರ ಆಯ್ಕೆ ಪ್ರಕ್ರಿಯೆ ನಡೆಸಲಾಗುವುದು, ಗ್ರಾಮಸ್ಥರು ಸಭೆಗೆ ಹಾಜರಾಗಿ ಸಂಘ ಸ್ಥಾಪನೆ ಕುರಿತು ಸೂಕ್ತ ಸಲಹೆಗಳನ್ನು ನೀಡಬೇಕೆಂದು ಕುಣಿಗಲ್ ತಾಲ್ಲೂಕು ಸಹಕಾರ ಅಭಿವೃದ್ಧಿ ಅಧಿಕಾರಿ ಪ್ರಕಟಣೆಯಲ್ಲಿ ತಿಳಿಸಿದ್ದಾರೆ.
